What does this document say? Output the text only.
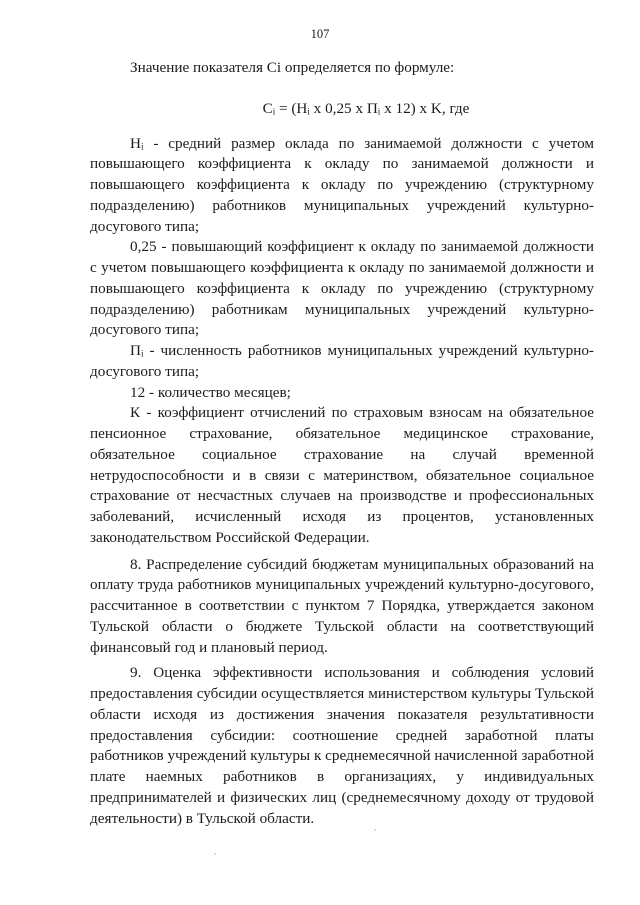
107

Значение показателя Ci определяется по формуле:

Cᵢ = (Hᵢ x 0,25 x Пᵢ x 12) x K, где

Hᵢ - средний размер оклада по занимаемой должности с учетом повышающего коэффициента к окладу по занимаемой должности и повышающего коэффициента к окладу по учреждению (структурному подразделению) работников муниципальных учреждений культурно-досугового типа;

0,25 - повышающий коэффициент к окладу по занимаемой должности с учетом повышающего коэффициента к окладу по занимаемой должности и повышающего коэффициента к окладу по учреждению (структурному подразделению) работникам муниципальных учреждений культурно-досугового типа;

Пᵢ - численность работников муниципальных учреждений культурно-досугового типа;

12 - количество месяцев;

К - коэффициент отчислений по страховым взносам на обязательное пенсионное страхование, обязательное медицинское страхование, обязательное социальное страхование на случай временной нетрудоспособности и в связи с материнством, обязательное социальное страхование от несчастных случаев на производстве и профессиональных заболеваний, исчисленный исходя из процентов, установленных законодательством Российской Федерации.

8. Распределение субсидий бюджетам муниципальных образований на оплату труда работников муниципальных учреждений культурно-досугового, рассчитанное в соответствии с пунктом 7 Порядка, утверждается законом Тульской области о бюджете Тульской области на соответствующий финансовый год и плановый период.

9. Оценка эффективности использования и соблюдения условий предоставления субсидии осуществляется министерством культуры Тульской области исходя из достижения значения показателя результативности предоставления субсидии: соотношение средней заработной платы работников учреждений культуры к среднемесячной начисленной заработной плате наемных работников в организациях, у индивидуальных предпринимателей и физических лиц (среднемесячному доходу от трудовой деятельности) в Тульской области.
